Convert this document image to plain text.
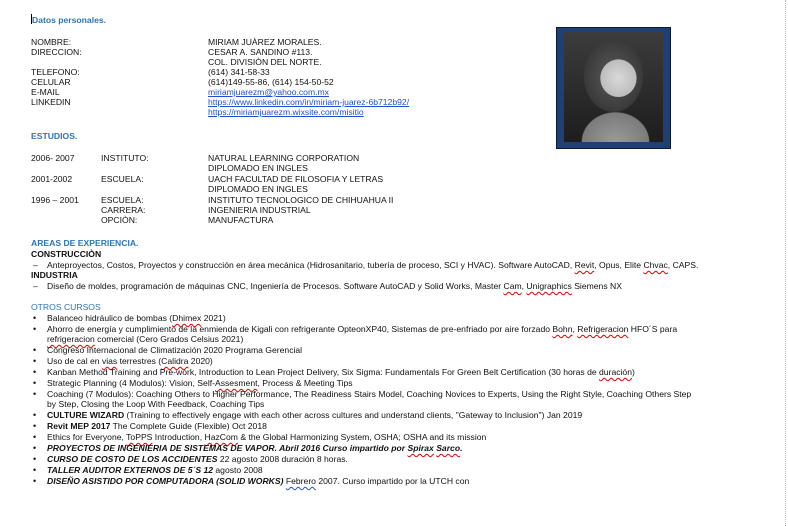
Datos personales.
NOMBRE:	MIRIAM JUÀREZ MORALES.
DIRECCION:	CESAR A. SANDINO #113.
COL. DIVISIÒN DEL NORTE.
TELEFONO:	(614) 341-58-33
CELULAR	(614)149-55-86, (614) 154-50-52
E-MAIL	miriamjuarezm@yahoo.com.mx
LINKEDIN	https://www.linkedin.com/in/miriam-juarez-6b712b92/
https://miriamjuarezm.wixsite.com/misitio
ESTUDIOS.
2006- 2007	INSTITUTO:	NATURAL LEARNING CORPORATION
DIPLOMADO EN INGLES
2001-2002	ESCUELA:	UACH FACULTAD DE FILOSOFIA Y LETRAS
DIPLOMADO EN INGLES
1996 – 2001	ESCUELA:	INSTITUTO TECNOLOGICO DE CHIHUAHUA II
CARRERA:	INGENIERIA INDUSTRIAL
OPCIÒN:	MANUFACTURA
AREAS DE EXPERIENCIA.
CONSTRUCCIÒN
– Anteproyectos, Costos, Proyectos y construcción en área mecánica (Hidrosanitario, tubería de proceso, SCI y HVAC). Software AutoCAD, Revit, Opus, Elite Chvac, CAPS.
INDUSTRIA
– Diseño de moldes, programación de máquinas CNC, Ingeniería de Procesos. Software AutoCAD y Solid Works, Master Cam, Unigraphics Siemens NX
OTROS CURSOS
• Balanceo hidráulico de bombas (Dhimex 2021)
• Ahorro de energía y cumplimiento de la enmienda de Kigali con refrigerante OpteonXP40, Sistemas de pre-enfriado por aire forzado Bohn, Refrigeracion HFO´S para
refrigeracion comercial (Cero Grados Celsius 2021)
• Congreso Internacional de Climatización 2020 Programa Gerencial
• Uso de cal en vias terrestres (Calidra 2020)
• Kanban Method Training and Pre-work, Introduction to Lean Project Delivery, Six Sigma: Fundamentals For Green Belt Certification (30 horas de duración)
• Strategic Planning (4 Modulos): Vision, Self-Assesment, Process & Meeting Tips
• Coaching (7 Modulos): Coaching Others to Higher Performance, The Readiness Stairs Model, Coaching Novices to Experts, Using the Right Style, Coaching Others Step
by Step, Closing the Loop With Feedback, Coaching Tips
• CULTURE WIZARD (Training to effectively engage with each other across cultures and understand clients, "Gateway to Inclusion") Jan 2019
• Revit MEP 2017 The Complete Guide (Flexible) Oct 2018
• Ethics for Everyone, ToPPS Introduction, HazCom & the Global Harmonizing System, OSHA; OSHA and its mission
• PROYECTOS DE INGENIERIA DE SISTEMAS DE VAPOR. Abril 2016 Curso impartido por Spirax Sarco.
• CURSO DE COSTO DE LOS ACCIDENTES 22 agosto 2008 duración 8 horas.
• TALLER AUDITOR EXTERNOS DE 5´S 12 agosto 2008
• DISEÑO ASISTIDO POR COMPUTADORA (SOLID WORKS) Febrero 2007. Curso impartido por la UTCH con
